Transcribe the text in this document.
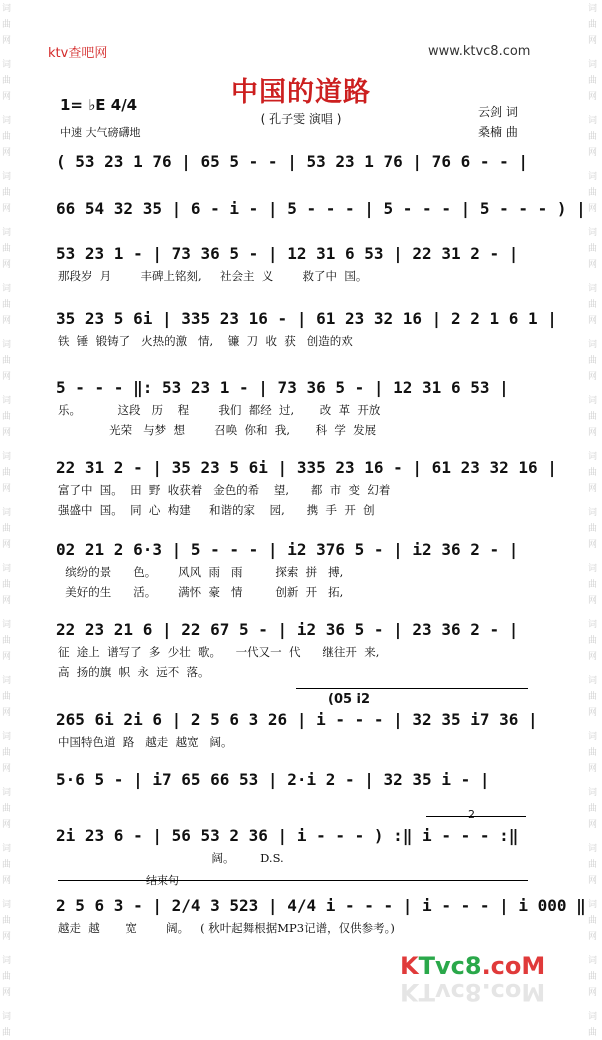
词
曲
网
词
曲
网
词
曲
网
词
曲
网
词
曲
网
词
曲
网
词
曲
网
词
曲
网
词
曲
网
词
曲
网
词
曲
网
词
曲
网
词
曲
网
词
曲
网
词
曲
网
词
曲
网
词
曲
网
词
曲
网
词
曲
词
曲
网
词
曲
网
词
曲
网
词
曲
网
词
曲
网
词
曲
网
词
曲
网
词
曲
网
词
曲
网
词
曲
网
词
曲
网
词
曲
网
词
曲
网
词
曲
网
词
曲
网
词
曲
网
词
曲
网
词
曲
网
词
曲
ktv查吧网	www.ktvc8.com
中国的道路
( 孔子雯 演唱 )
1= ♭E 4/4
中速 大气磅礴地
云剑 词
桑楠 曲
( 53 23 1 76 | 65 5 - - | 53 23 1 76 | 76 6 - - |
66 54 32 35 | 6 - i - | 5 - - - | 5 - - - | 5 - - - ) |
53 23 1 - | 73 36 5 - | 12 31 6 53 | 22 31 2 - |
那段岁  月        丰碑上铭刻,     社会主  义        救了中  国。
35 23 5 6i | 335 23 16 - | 61 23 32 16 | 2 2 1 6 1 |
铁  锤  锻铸了   火热的激   情,    镰  刀  收  获   创造的欢
5 - - - ‖: 53 23 1 - | 73 36 5 - | 12 31 6 53 |
乐。          这段   历    程        我们  都经  过,       改  革  开放
光荣   与梦  想        召唤  你和  我,       科  学  发展
22 31 2 - | 35 23 5 6i | 335 23 16 - | 61 23 32 16 |
富了中  国。  田  野  收获着   金色的希    望,      都  市  变  幻着
强盛中  国。  同  心  构建     和谐的家    园,      携  手  开  创
02 21 2 6·3 | 5 - - - | i2 376 5 - | i2 36 2 - |
缤纷的景      色。      风风  雨   雨         探索  拼   搏,
美好的生      活。      满怀  豪   情         创新  开   拓,
22 23 21 6 | 22 67 5 - | i2 36 5 - | 23 36 2 - |
征  途上  谱写了  多  少壮  歌。    一代又一  代      继往开  来,
高  扬的旗  帜  永  远不  落。
265 6i 2i 6 | 2 5 6 3 26 | i - - - | 32 35 i7 36 |
中国特色道  路   越走  越宽   阔。
(05 i2
5·6 5 - | i7 65 66 53 | 2·i 2 - | 32 35 i - |
2i 23 6 - | 56 53 2 36 | i - - - ) :‖ i - - - :‖
阔。       D.S.
2
2 5 6 3 - | 2/4 3 523 | 4/4 i - - - | i - - - | i 000 ‖
越走  越       宽        阔。   ( 秋叶起舞根据MP3记谱，仅供参考。)
结束句
KTvc8.coM
KTvc8.coM
